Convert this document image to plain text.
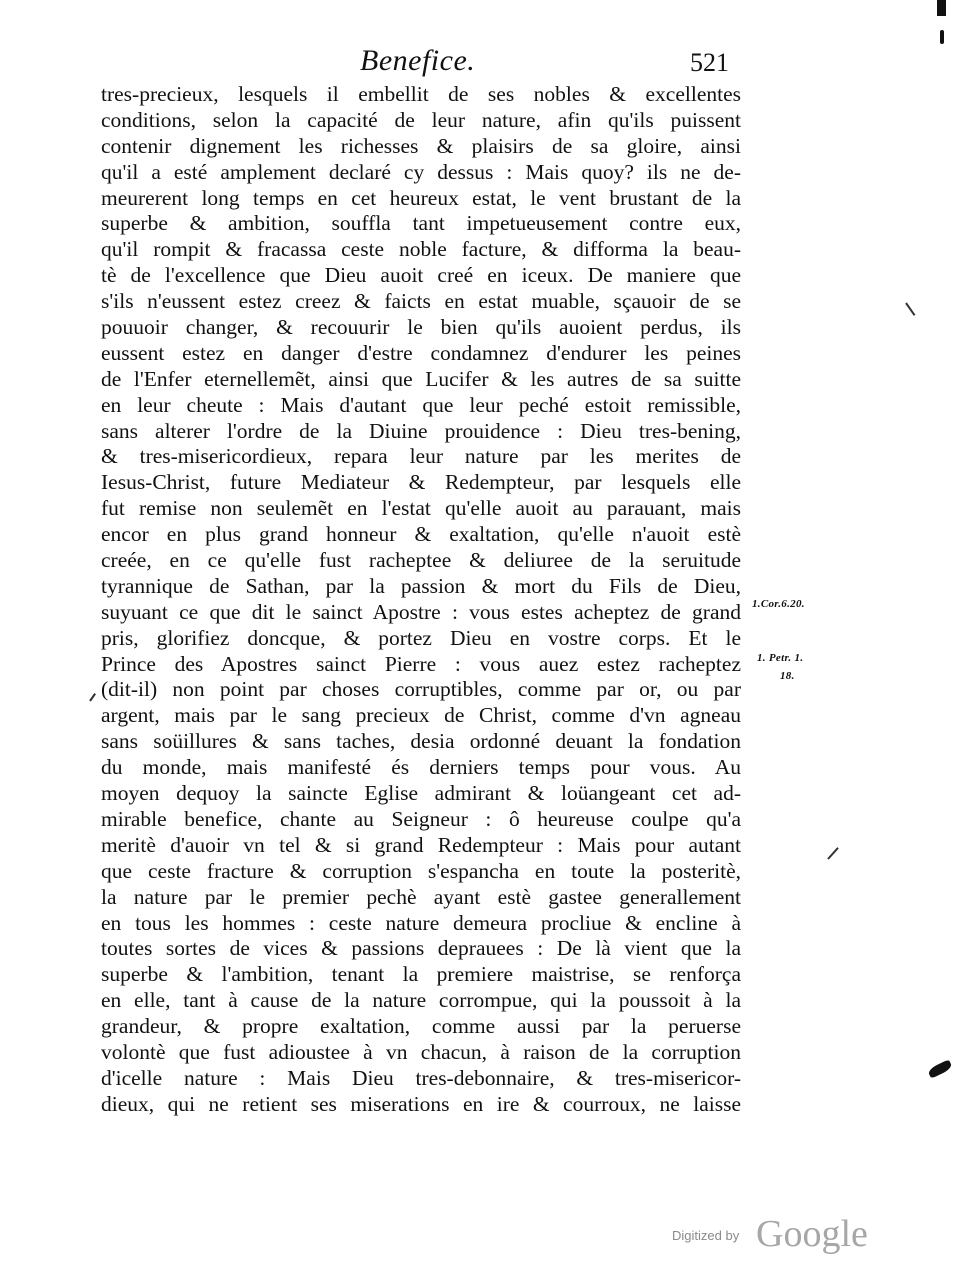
Benefice.	521
tres-precieux, lesquels il embellit de ses nobles & excellentes
conditions, selon la capacité de leur nature, afin qu'ils puissent
contenir dignement les richesses & plaisirs de sa gloire, ainsi
qu'il a esté amplement declaré cy dessus : Mais quoy? ils ne de-
meurerent long temps en cet heureux estat, le vent brustant de la
superbe & ambition, souffla tant impetueusement contre eux,
qu'il rompit & fracassa ceste noble facture, & difforma la beau-
tè de l'excellence que Dieu auoit creé en iceux. De maniere que
s'ils n'eussent estez creez & faicts en estat muable, sçauoir de se
pouuoir changer, & recouurir le bien qu'ils auoient perdus, ils
eussent estez en danger d'estre condamnez d'endurer les peines
de l'Enfer eternellemẽt, ainsi que Lucifer & les autres de sa suitte
en leur cheute : Mais d'autant que leur peché estoit remissible,
sans alterer l'ordre de la Diuine prouidence : Dieu tres-bening,
& tres-misericordieux, repara leur nature par les merites de
Iesus-Christ, future Mediateur & Redempteur, par lesquels elle
fut remise non seulemẽt en l'estat qu'elle auoit au parauant, mais
encor en plus grand honneur & exaltation, qu'elle n'auoit estè
creée, en ce qu'elle fust racheptee & deliuree de la seruitude
tyrannique de Sathan, par la passion & mort du Fils de Dieu,
suyuant ce que dit le sainct Apostre : vous estes acheptez de grand
pris, glorifiez doncque, & portez Dieu en vostre corps. Et le
Prince des Apostres sainct Pierre : vous auez estez racheptez
(dit-il) non point par choses corruptibles, comme par or, ou par
argent, mais par le sang precieux de Christ, comme d'vn agneau
sans soüillures & sans taches, desia ordonné deuant la fondation
du monde, mais manifesté és derniers temps pour vous. Au
moyen dequoy la saincte Eglise admirant & loüangeant cet ad-
mirable benefice, chante au Seigneur : ô heureuse coulpe qu'a
meritè d'auoir vn tel & si grand Redempteur : Mais pour autant
que ceste fracture & corruption s'espancha en toute la posteritè,
la nature par le premier pechè ayant estè gastee generallement
en tous les hommes : ceste nature demeura procliue & encline à
toutes sortes de vices & passions deprauees : De là vient que la
superbe & l'ambition, tenant la premiere maistrise, se renforça
en elle, tant à cause de la nature corrompue, qui la poussoit à la
grandeur, & propre exaltation, comme aussi par la peruerse
volontè que fust adioustee à vn chacun, à raison de la corruption
d'icelle nature : Mais Dieu tres-debonnaire, & tres-misericor-
dieux, qui ne retient ses miserations en ire & courroux, ne laisse
1.Cor.6.20.
1. Petr. 1.
18.
Digitized by Google
